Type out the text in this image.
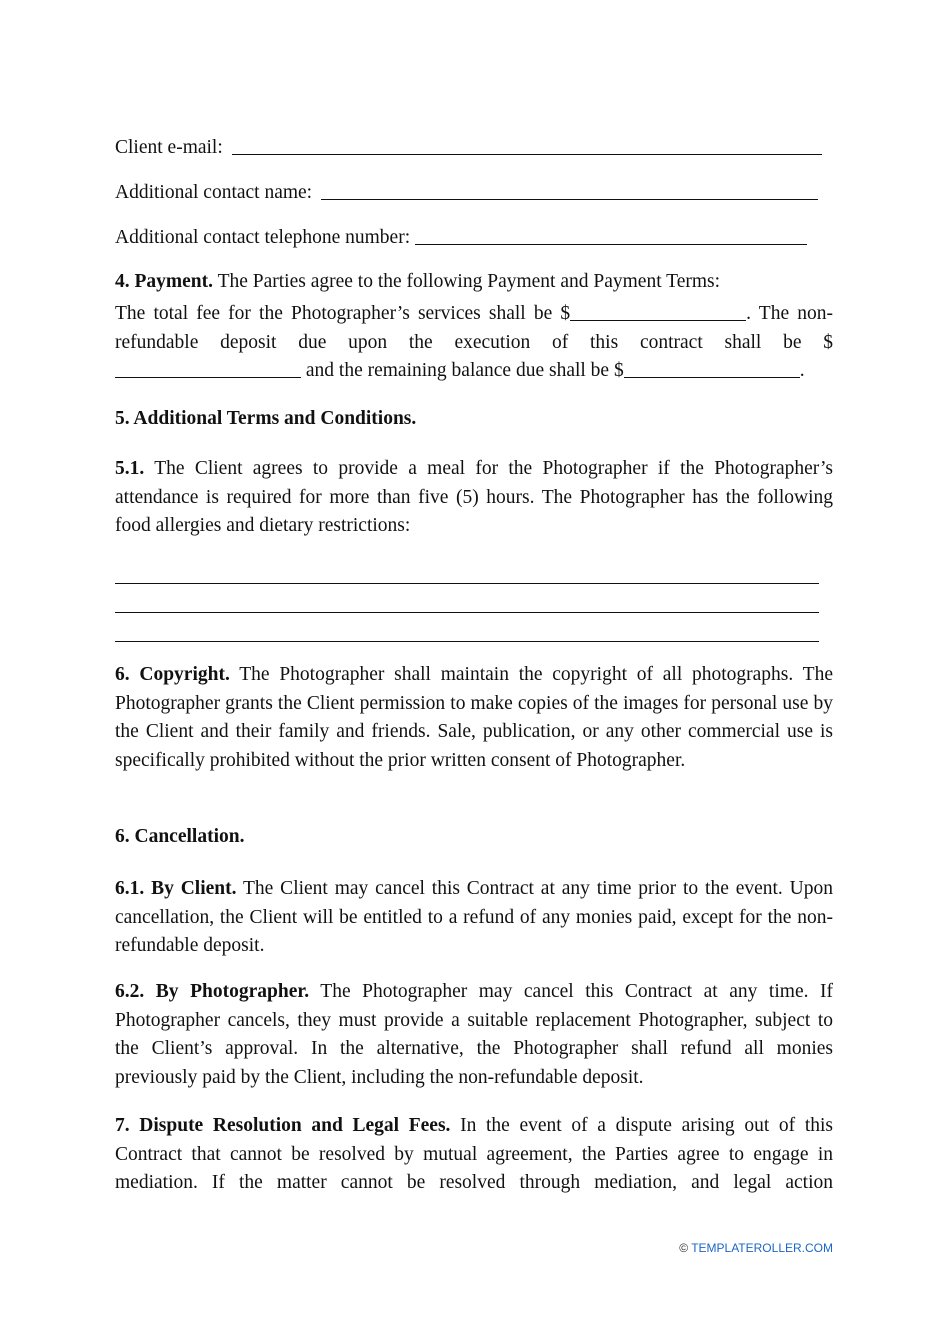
Client e-mail:
Additional contact name:
Additional contact telephone number:
4. Payment. The Parties agree to the following Payment and Payment Terms:
The total fee for the Photographer’s services shall be $	. The non-refundable deposit due upon the execution of this contract shall be $ and the remaining balance due shall be $	.
5. Additional Terms and Conditions.
5.1. The Client agrees to provide a meal for the Photographer if the Photographer’s attendance is required for more than five (5) hours. The Photographer has the following food allergies and dietary restrictions:
6. Copyright. The Photographer shall maintain the copyright of all photographs. The Photographer grants the Client permission to make copies of the images for personal use by the Client and their family and friends. Sale, publication, or any other commercial use is specifically prohibited without the prior written consent of Photographer.
6. Cancellation.
6.1. By Client. The Client may cancel this Contract at any time prior to the event. Upon cancellation, the Client will be entitled to a refund of any monies paid, except for the non-refundable deposit.
6.2. By Photographer. The Photographer may cancel this Contract at any time. If Photographer cancels, they must provide a suitable replacement Photographer, subject to the Client’s approval. In the alternative, the Photographer shall refund all monies previously paid by the Client, including the non-refundable deposit.
7. Dispute Resolution and Legal Fees. In the event of a dispute arising out of this Contract that cannot be resolved by mutual agreement, the Parties agree to engage in mediation. If the matter cannot be resolved through mediation, and legal action
© TEMPLATEROLLER.COM
